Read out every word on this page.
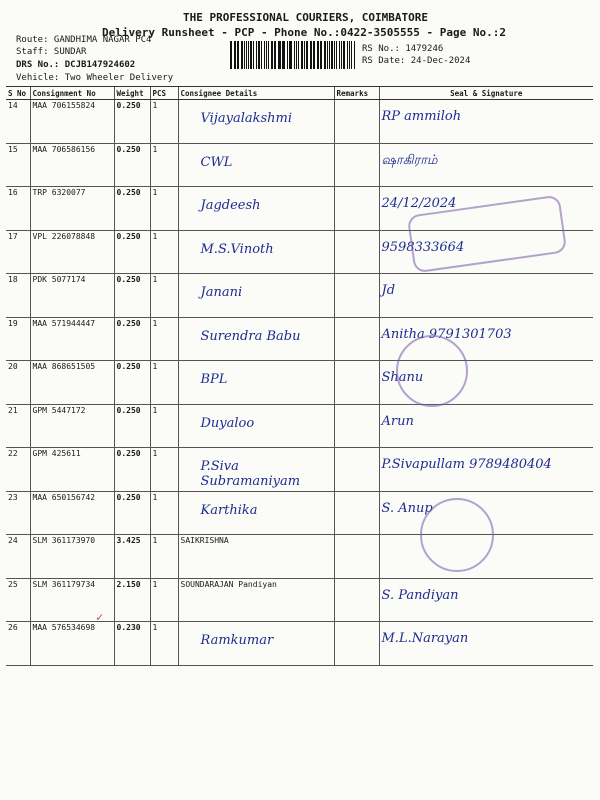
THE PROFESSIONAL COURIERS, COIMBATORE
Delivery Runsheet - PCP - Phone No.:0422-3505555 - Page No.:2
Route: GANDHIMA NAGAR PC4
Staff: SUNDAR
DRS No.: DCJB147924602
Vehicle: Two Wheeler Delivery
RS No.: 1479246
RS Date: 24-Dec-2024
S No	Consignment No	Weight	PCS	Consignee Details	Remarks	Seal & Signature
14	MAA 706155824	0.250	1	Vijayalakshmi		RP ammiloh
15	MAA 706586156	0.250	1	CWL		ஷாகிராம்
16	TRP 6320077	0.250	1	Jagdeesh		24/12/2024
17	VPL 226078848	0.250	1	M.S.Vinoth		9598333664
18	PDK 5077174	0.250	1	Janani		Jd
19	MAA 571944447	0.250	1	Surendra Babu		Anitha 9791301703
20	MAA 868651505	0.250	1	BPL		Shanu
21	GPM 5447172	0.250	1	Duyaloo		Arun
22	GPM 425611	0.250	1	P.Siva Subramaniyam		P.Sivapullam 9789480404
23	MAA 650156742	0.250	1	Karthika		S. Anup
24	SLM 361173970	3.425	1	SAIKRISHNA		
25	SLM 361179734	2.150	1	SOUNDARAJAN Pandiyan		S. Pandiyan
26	MAA 576534698	0.230	1	Ramkumar		M.L.Narayan
✓
